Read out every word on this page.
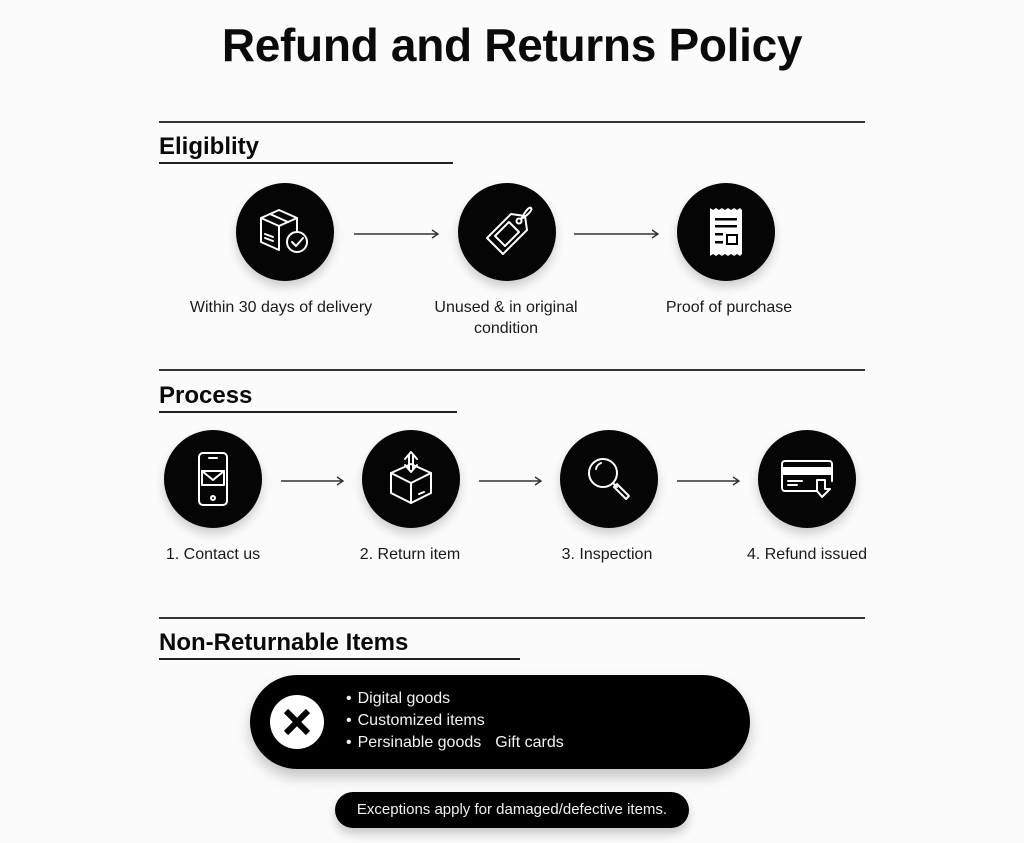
Refund and Returns Policy
Eligiblity
Within 30 days of delivery	Unused & in original
condition
Proof of purchase
Process
1. Contact us	2. Return item	3. Inspection	4. Refund issued
Non-Returnable Items
• Digital goods
• Customized items
• Persinable goods Gift cards
Exceptions apply for damaged/defective items.
